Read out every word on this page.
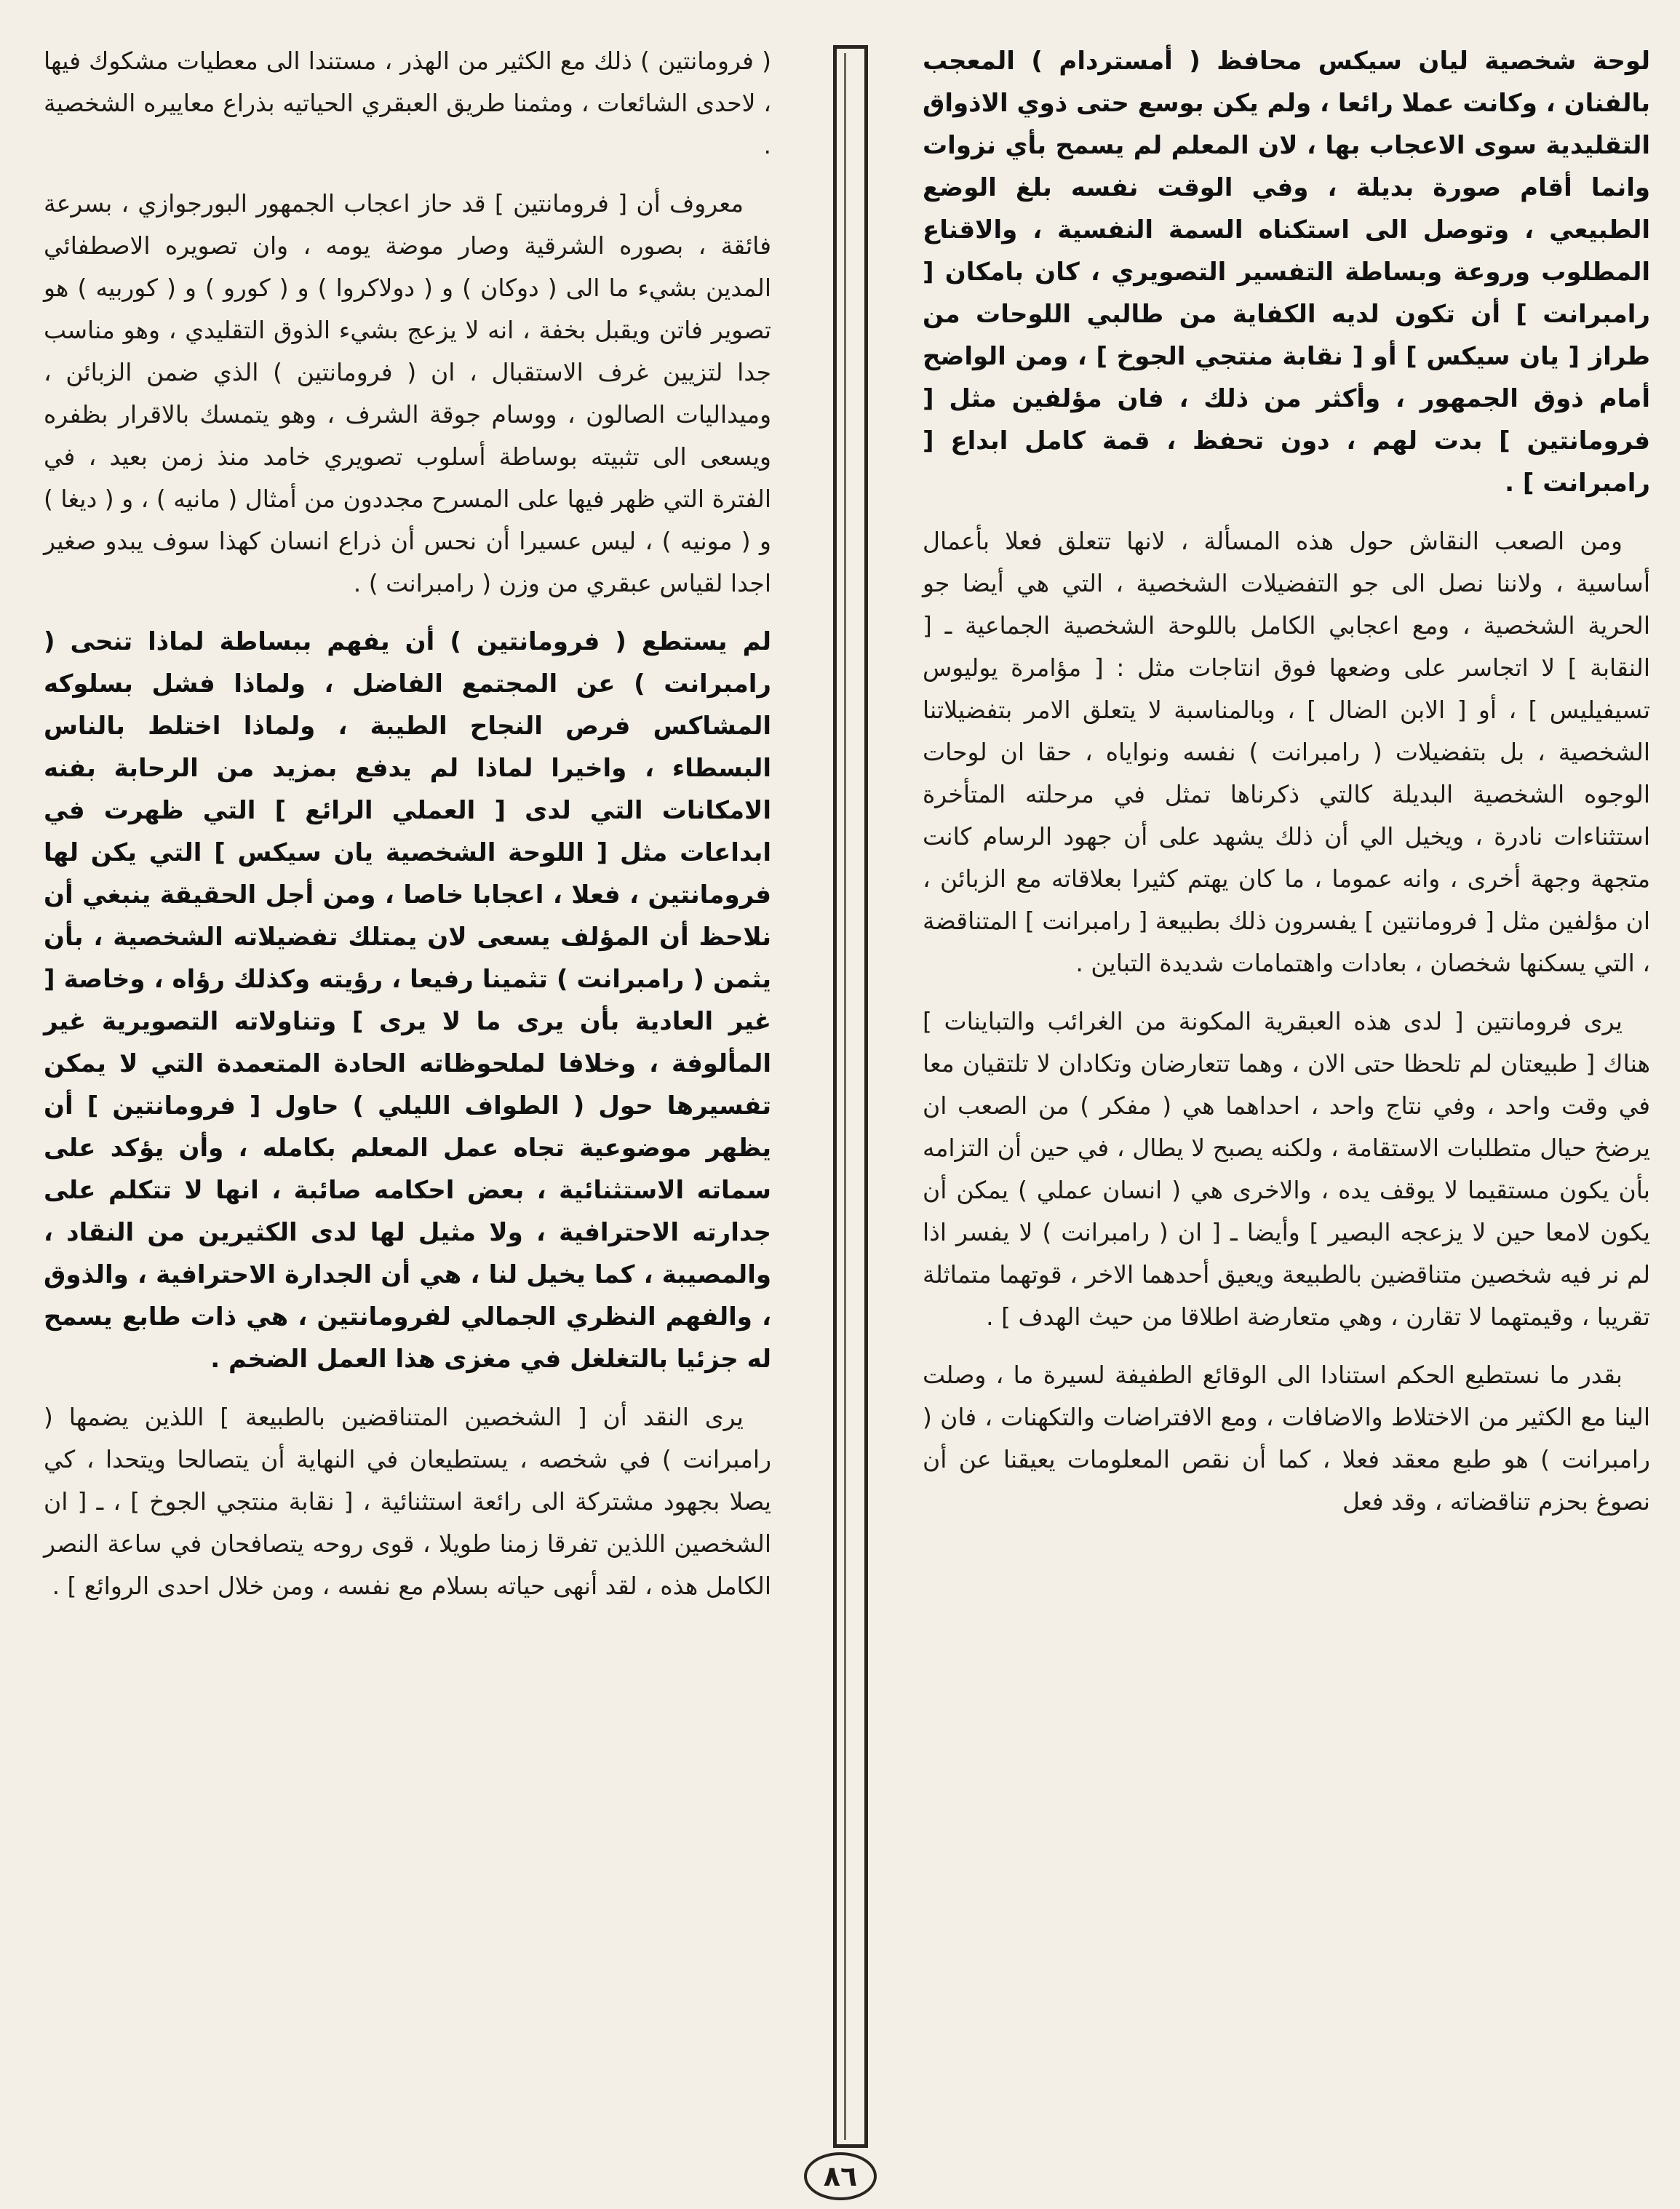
لوحة شخصية ليان سيكس محافظ ( أمستردام ) المعجب بالفنان ، وكانت عملا رائعا ، ولم يكن بوسع حتى ذوي الاذواق التقليدية سوى الاعجاب بها ، لان المعلم لم يسمح بأي نزوات وانما أقام صورة بديلة ، وفي الوقت نفسه بلغ الوضع الطبيعي ، وتوصل الى استكناه السمة النفسية ، والاقناع المطلوب وروعة وبساطة التفسير التصويري ، كان بامكان [ رامبرانت ] أن تكون لديه الكفاية من طالبي اللوحات من طراز [ يان سيكس ] أو [ نقابة منتجي الجوخ ] ، ومن الواضح أمام ذوق الجمهور ، وأكثر من ذلك ، فان مؤلفين مثل [ فرومانتين ] بدت لهم ، دون تحفظ ، قمة كامل ابداع [ رامبرانت ] .

ومن الصعب النقاش حول هذه المسألة ، لانها تتعلق فعلا بأعمال أساسية ، ولاننا نصل الى جو التفضيلات الشخصية ، التي هي أيضا جو الحرية الشخصية ، ومع اعجابي الكامل باللوحة الشخصية الجماعية ـ [ النقابة ] لا اتجاسر على وضعها فوق انتاجات مثل : [ مؤامرة يوليوس تسيفيليس ] ، أو [ الابن الضال ] ، وبالمناسبة لا يتعلق الامر بتفضيلاتنا الشخصية ، بل بتفضيلات ( رامبرانت ) نفسه ونواياه ، حقا ان لوحات الوجوه الشخصية البديلة كالتي ذكرناها تمثل في مرحلته المتأخرة استثناءات نادرة ، ويخيل الي أن ذلك يشهد على أن جهود الرسام كانت متجهة وجهة أخرى ، وانه عموما ، ما كان يهتم كثيرا بعلاقاته مع الزبائن ، ان مؤلفين مثل [ فرومانتين ] يفسرون ذلك بطبيعة [ رامبرانت ] المتناقضة ، التي يسكنها شخصان ، بعادات واهتمامات شديدة التباين .

يرى فرومانتين [ لدى هذه العبقرية المكونة من الغرائب والتباينات ] هناك [ طبيعتان لم تلحظا حتى الان ، وهما تتعارضان وتكادان لا تلتقيان معا في وقت واحد ، وفي نتاج واحد ، احداهما هي ( مفكر ) من الصعب ان يرضخ حيال متطلبات الاستقامة ، ولكنه يصبح لا يطال ، في حين أن التزامه بأن يكون مستقيما لا يوقف يده ، والاخرى هي ( انسان عملي ) يمكن أن يكون لامعا حين لا يزعجه البصير ] وأيضا ـ [ ان ( رامبرانت ) لا يفسر اذا لم نر فيه شخصين متناقضين بالطبيعة ويعيق أحدهما الاخر ، قوتهما متماثلة تقريبا ، وقيمتهما لا تقارن ، وهي متعارضة اطلاقا من حيث الهدف ] .

بقدر ما نستطيع الحكم استنادا الى الوقائع الطفيفة لسيرة ما ، وصلت الينا مع الكثير من الاختلاط والاضافات ، ومع الافتراضات والتكهنات ، فان ( رامبرانت ) هو طبع معقد فعلا ، كما أن نقص المعلومات يعيقنا عن أن نصوغ بحزم تناقضاته ، وقد فعل

( فرومانتين ) ذلك مع الكثير من الهذر ، مستندا الى معطيات مشكوك فيها ، لاحدى الشائعات ، ومثمنا طريق العبقري الحياتيه بذراع معاييره الشخصية .

معروف أن [ فرومانتين ] قد حاز اعجاب الجمهور البورجوازي ، بسرعة فائقة ، بصوره الشرقية وصار موضة يومه ، وان تصويره الاصطفائي المدين بشيء ما الى ( دوكان ) و ( دولاكروا ) و ( كورو ) و ( كوربيه ) هو تصوير فاتن ويقبل بخفة ، انه لا يزعج بشيء الذوق التقليدي ، وهو مناسب جدا لتزيين غرف الاستقبال ، ان ( فرومانتين ) الذي ضمن الزبائن ، وميداليات الصالون ، ووسام جوقة الشرف ، وهو يتمسك بالاقرار بظفره ويسعى الى تثبيته بوساطة أسلوب تصويري خامد منذ زمن بعيد ، في الفترة التي ظهر فيها على المسرح مجددون من أمثال ( مانيه ) ، و ( ديغا ) و ( مونيه ) ، ليس عسيرا أن نحس أن ذراع انسان كهذا سوف يبدو صغير اجدا لقياس عبقري من وزن ( رامبرانت ) .

لم يستطع ( فرومانتين ) أن يفهم ببساطة لماذا تنحى ( رامبرانت ) عن المجتمع الفاضل ، ولماذا فشل بسلوكه المشاكس فرص النجاح الطيبة ، ولماذا اختلط بالناس البسطاء ، واخيرا لماذا لم يدفع بمزيد من الرحابة بفنه الامكانات التي لدى [ العملي الرائع ] التي ظهرت في ابداعات مثل [ اللوحة الشخصية يان سيكس ] التي يكن لها فرومانتين ، فعلا ، اعجابا خاصا ، ومن أجل الحقيقة ينبغي أن نلاحظ أن المؤلف يسعى لان يمتلك تفضيلاته الشخصية ، بأن يثمن ( رامبرانت ) تثمينا رفيعا ، رؤيته وكذلك رؤاه ، وخاصة [ غير العادية بأن يرى ما لا يرى ] وتناولاته التصويرية غير المألوفة ، وخلافا لملحوظاته الحادة المتعمدة التي لا يمكن تفسيرها حول ( الطواف الليلي ) حاول [ فرومانتين ] أن يظهر موضوعية تجاه عمل المعلم بكامله ، وأن يؤكد على سماته الاستثنائية ، بعض احكامه صائبة ، انها لا تتكلم على جدارته الاحترافية ، ولا مثيل لها لدى الكثيرين من النقاد ، والمصيبة ، كما يخيل لنا ، هي أن الجدارة الاحترافية ، والذوق ، والفهم النظري الجمالي لفرومانتين ، هي ذات طابع يسمح له جزئيا بالتغلغل في مغزى هذا العمل الضخم .

يرى النقد أن [ الشخصين المتناقضين بالطبيعة ] اللذين يضمها ( رامبرانت ) في شخصه ، يستطيعان في النهاية أن يتصالحا ويتحدا ، كي يصلا بجهود مشتركة الى رائعة استثنائية ، [ نقابة منتجي الجوخ ] ، ـ [ ان الشخصين اللذين تفرقا زمنا طويلا ، قوى روحه يتصافحان في ساعة النصر الكامل هذه ، لقد أنهى حياته بسلام مع نفسه ، ومن خلال احدى الروائع ] .

٨٦
